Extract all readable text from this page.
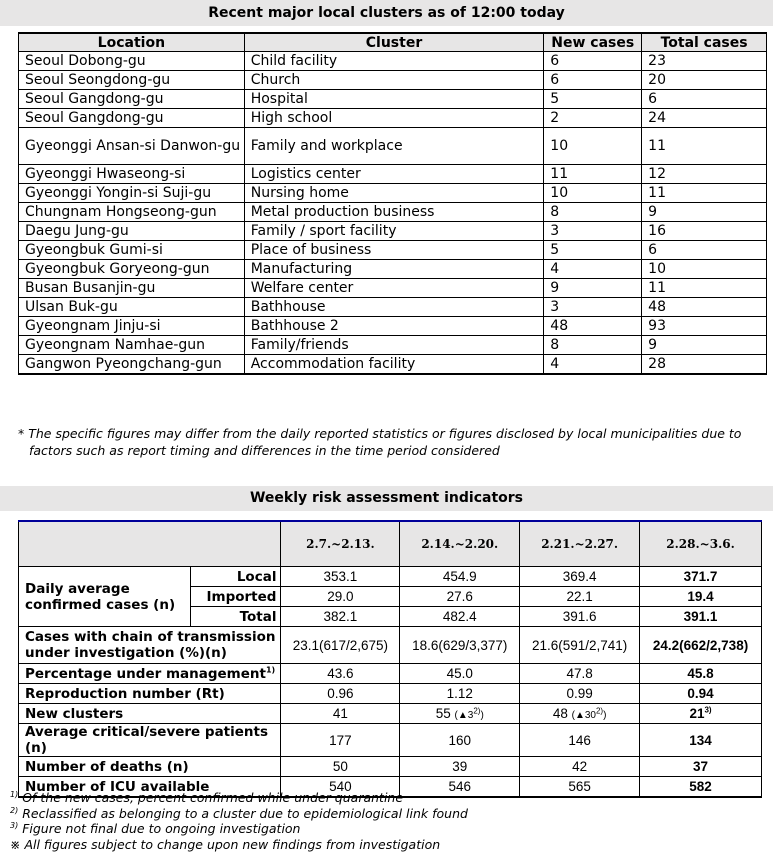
Recent major local clusters as of 12:00 today
Location	Cluster	New cases	Total cases
Seoul Dobong-gu	Child facility	6	23
Seoul Seongdong-gu	Church	6	20
Seoul Gangdong-gu	Hospital	5	6
Seoul Gangdong-gu	High school	2	24
Gyeonggi Ansan-si Danwon-gu	Family and workplace	10	11
Gyeonggi Hwaseong-si	Logistics center	11	12
Gyeonggi Yongin-si Suji-gu	Nursing home	10	11
Chungnam Hongseong-gun	Metal production business	8	9
Daegu Jung-gu	Family / sport facility	3	16
Gyeongbuk Gumi-si	Place of business	5	6
Gyeongbuk Goryeong-gun	Manufacturing	4	10
Busan Busanjin-gu	Welfare center	9	11
Ulsan Buk-gu	Bathhouse	3	48
Gyeongnam Jinju-si	Bathhouse 2	48	93
Gyeongnam Namhae-gun	Family/friends	8	9
Gangwon Pyeongchang-gun	Accommodation facility	4	28
* The specific figures may differ from the daily reported statistics or figures disclosed by local municipalities due to
factors such as report timing and differences in the time period considered
Weekly risk assessment indicators
		2.7.~2.13.	2.14.~2.20.	2.21.~2.27.	2.28.~3.6.
Daily average confirmed cases (n)	Local	353.1	454.9	369.4	371.7
	Imported	29.0	27.6	22.1	19.4
	Total	382.1	482.4	391.6	391.1
Cases with chain of transmission under investigation (%)(n)		23.1(617/2,675)	18.6(629/3,377)	21.6(591/2,741)	24.2(662/2,738)
Percentage under management$^{1)}$		43.6	45.0	47.8	45.8
Reproduction number (Rt)		0.96	1.12	0.99	0.94
New clusters		41	55 (▲3$^{2)}$)	48 (▲30$^{2)}$)	21$^{3)}$
Average critical/severe patients (n)		177	160	146	134
Number of deaths (n)		50	39	42	37
Number of ICU available		540	546	565	582
$^{1)}$ Of the new cases, percent confirmed while under quarantine
$^{2)}$ Reclassified as belonging to a cluster due to epidemiological link found
$^{3)}$ Figure not final due to ongoing investigation
※ All figures subject to change upon new findings from investigation
